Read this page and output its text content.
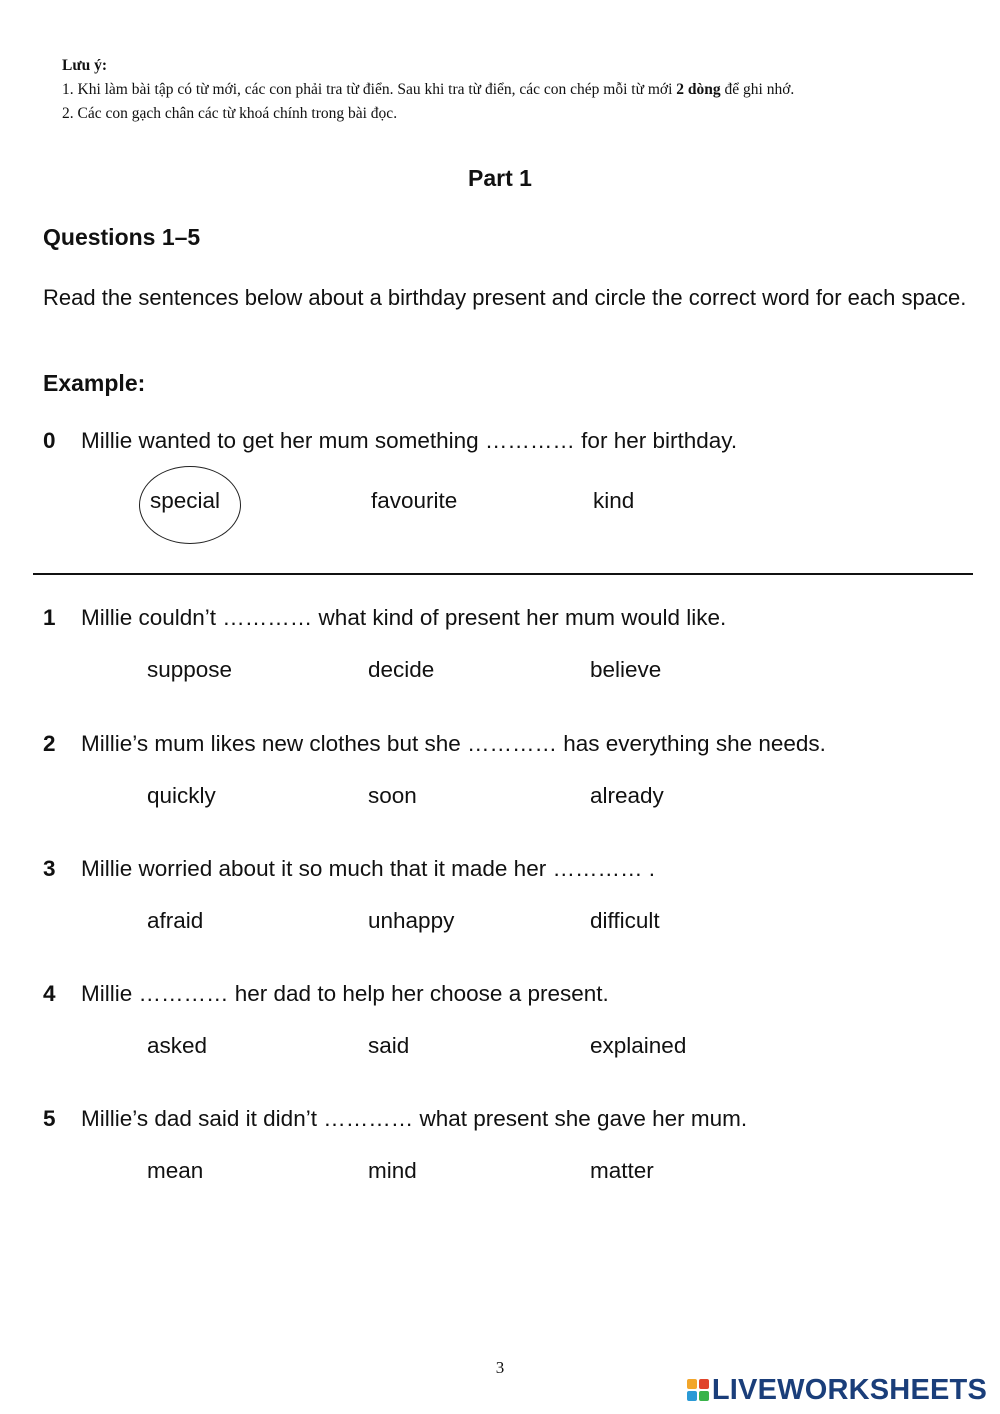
Lưu ý:
1. Khi làm bài tập có từ mới, các con phải tra từ điển. Sau khi tra từ điển, các con chép mỗi từ mới 2 dòng để ghi nhớ.
2. Các con gạch chân các từ khoá chính trong bài đọc.
Part 1
Questions 1–5
Read the sentences below about a birthday present and circle the correct word for each space.
Example:
0 Millie wanted to get her mum something ………… for her birthday.
special	favourite	kind
1 Millie couldn’t ………… what kind of present her mum would like.
suppose	decide	believe
2 Millie’s mum likes new clothes but she ………… has everything she needs.
quickly	soon	already
3 Millie worried about it so much that it made her ………… .
afraid	unhappy	difficult
4 Millie ………… her dad to help her choose a present.
asked	said	explained
5 Millie’s dad said it didn’t ………… what present she gave her mum.
mean	mind	matter
3
LIVEWORKSHEETS
